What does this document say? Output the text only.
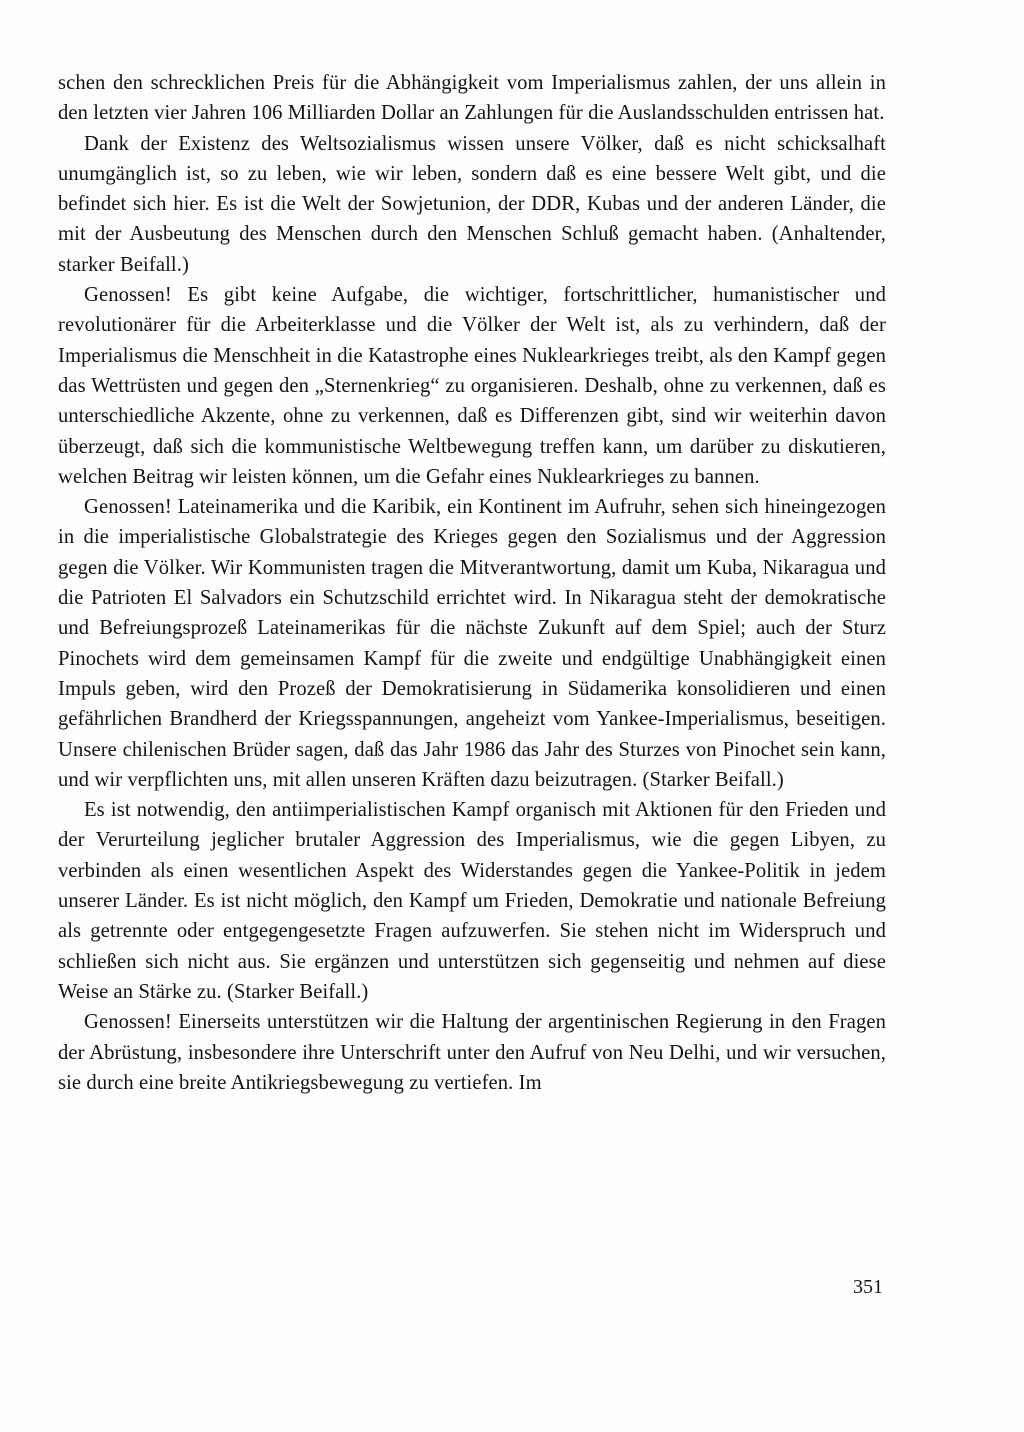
schen den schrecklichen Preis für die Abhängigkeit vom Imperialismus zahlen, der uns allein in den letzten vier Jahren 106 Milliarden Dollar an Zahlungen für die Auslandsschulden entrissen hat.

Dank der Existenz des Weltsozialismus wissen unsere Völker, daß es nicht schicksalhaft unumgänglich ist, so zu leben, wie wir leben, sondern daß es eine bessere Welt gibt, und die befindet sich hier. Es ist die Welt der Sowjetunion, der DDR, Kubas und der anderen Länder, die mit der Ausbeutung des Menschen durch den Menschen Schluß gemacht haben. (Anhaltender, starker Beifall.)

Genossen! Es gibt keine Aufgabe, die wichtiger, fortschrittlicher, humanistischer und revolutionärer für die Arbeiterklasse und die Völker der Welt ist, als zu verhindern, daß der Imperialismus die Menschheit in die Katastrophe eines Nuklearkrieges treibt, als den Kampf gegen das Wettrüsten und gegen den „Sternenkrieg“ zu organisieren. Deshalb, ohne zu verkennen, daß es unterschiedliche Akzente, ohne zu verkennen, daß es Differenzen gibt, sind wir weiterhin davon überzeugt, daß sich die kommunistische Weltbewegung treffen kann, um darüber zu diskutieren, welchen Beitrag wir leisten können, um die Gefahr eines Nuklearkrieges zu bannen.

Genossen! Lateinamerika und die Karibik, ein Kontinent im Aufruhr, sehen sich hineingezogen in die imperialistische Globalstrategie des Krieges gegen den Sozialismus und der Aggression gegen die Völker. Wir Kommunisten tragen die Mitverantwortung, damit um Kuba, Nikaragua und die Patrioten El Salvadors ein Schutzschild errichtet wird. In Nikaragua steht der demokratische und Befreiungsprozeß Lateinamerikas für die nächste Zukunft auf dem Spiel; auch der Sturz Pinochets wird dem gemeinsamen Kampf für die zweite und endgültige Unabhängigkeit einen Impuls geben, wird den Prozeß der Demokratisierung in Südamerika konsolidieren und einen gefährlichen Brandherd der Kriegsspannungen, angeheizt vom Yankee-Imperialismus, beseitigen. Unsere chilenischen Brüder sagen, daß das Jahr 1986 das Jahr des Sturzes von Pinochet sein kann, und wir verpflichten uns, mit allen unseren Kräften dazu beizutragen. (Starker Beifall.)

Es ist notwendig, den antiimperialistischen Kampf organisch mit Aktionen für den Frieden und der Verurteilung jeglicher brutaler Aggression des Imperialismus, wie die gegen Libyen, zu verbinden als einen wesentlichen Aspekt des Widerstandes gegen die Yankee-Politik in jedem unserer Länder. Es ist nicht möglich, den Kampf um Frieden, Demokratie und nationale Befreiung als getrennte oder entgegengesetzte Fragen aufzuwerfen. Sie stehen nicht im Widerspruch und schließen sich nicht aus. Sie ergänzen und unterstützen sich gegenseitig und nehmen auf diese Weise an Stärke zu. (Starker Beifall.)

Genossen! Einerseits unterstützen wir die Haltung der argentinischen Regierung in den Fragen der Abrüstung, insbesondere ihre Unterschrift unter den Aufruf von Neu Delhi, und wir versuchen, sie durch eine breite Antikriegsbewegung zu vertiefen. Im

351
